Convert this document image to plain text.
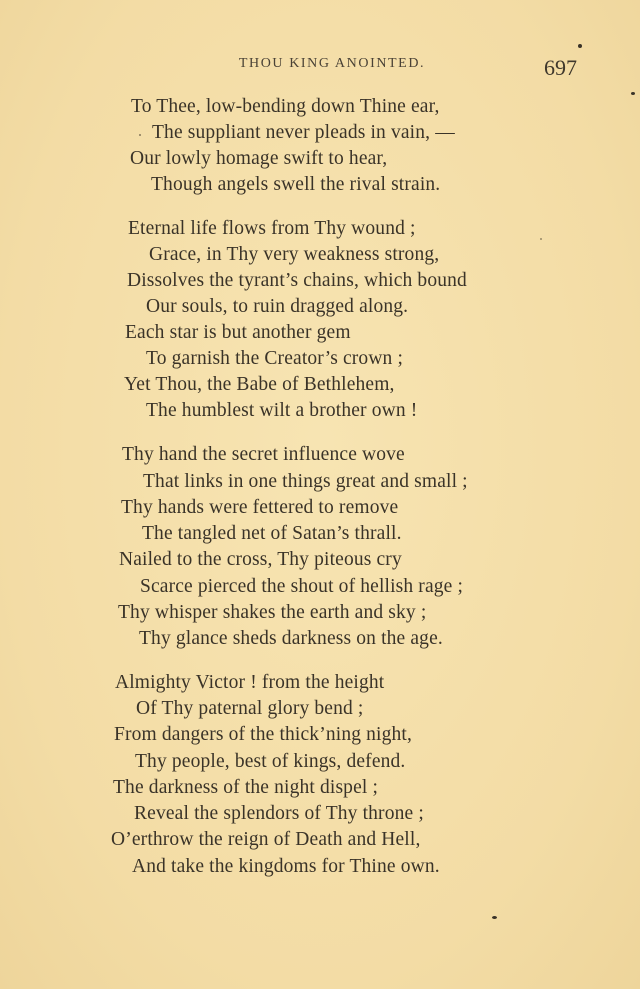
THOU KING ANOINTED.	697
To Thee, low-bending down Thine ear,
The suppliant never pleads in vain, —
Our lowly homage swift to hear,
Though angels swell the rival strain.
Eternal life flows from Thy wound ;
Grace, in Thy very weakness strong,
Dissolves the tyrant’s chains, which bound
Our souls, to ruin dragged along.
Each star is but another gem
To garnish the Creator’s crown ;
Yet Thou, the Babe of Bethlehem,
The humblest wilt a brother own !
Thy hand the secret influence wove
That links in one things great and small ;
Thy hands were fettered to remove
The tangled net of Satan’s thrall.
Nailed to the cross, Thy piteous cry
Scarce pierced the shout of hellish rage ;
Thy whisper shakes the earth and sky ;
Thy glance sheds darkness on the age.
Almighty Victor ! from the height
Of Thy paternal glory bend ;
From dangers of the thick’ning night,
Thy people, best of kings, defend.
The darkness of the night dispel ;
Reveal the splendors of Thy throne ;
O’erthrow the reign of Death and Hell,
And take the kingdoms for Thine own.
